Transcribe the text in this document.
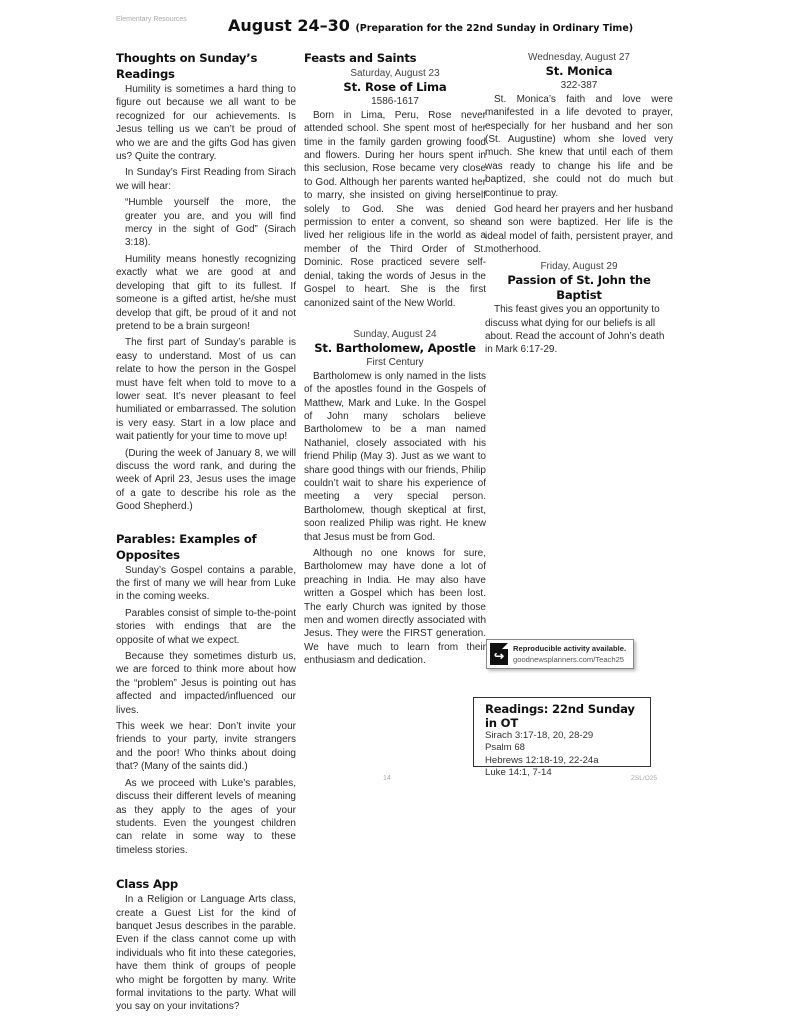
Elementary Resources	August 24–30 (Preparation for the 22nd Sunday in Ordinary Time)
Thoughts on Sunday’s Readings

Humility is sometimes a hard thing to figure out because we all want to be recognized for our achievements. Is Jesus telling us we can’t be proud of who we are and the gifts God has given us? Quite the contrary.

In Sunday’s First Reading from Sirach we will hear:

“Humble yourself the more, the greater you are, and you will find mercy in the sight of God” (Sirach 3:18).

Humility means honestly recognizing exactly what we are good at and developing that gift to its fullest. If someone is a gifted artist, he/she must develop that gift, be proud of it and not pretend to be a brain surgeon!

The first part of Sunday’s parable is easy to understand. Most of us can relate to how the person in the Gospel must have felt when told to move to a lower seat. It’s never pleasant to feel humiliated or embarrassed. The solution is very easy. Start in a low place and wait patiently for your time to move up!

(During the week of January 8, we will discuss the word rank, and during the week of April 23, Jesus uses the image of a gate to describe his role as the Good Shepherd.)

Parables: Examples of Opposites

Sunday’s Gospel contains a parable, the first of many we will hear from Luke in the coming weeks.

Parables consist of simple to-the-point stories with endings that are the opposite of what we expect.

Because they sometimes disturb us, we are forced to think more about how the “problem” Jesus is pointing out has affected and impacted/influenced our lives.

This week we hear: Don’t invite your friends to your party, invite strangers and the poor! Who thinks about doing that? (Many of the saints did.)

As we proceed with Luke’s parables, discuss their different levels of meaning as they apply to the ages of your students. Even the youngest children can relate in some way to these timeless stories.

Class App

In a Religion or Language Arts class, create a Guest List for the kind of banquet Jesus describes in the parable. Even if the class cannot come up with individuals who fit into these categories, have them think of groups of people who might be forgotten by many. Write formal invitations to the party. What will you say on your invitations?

Feasts and Saints
Saturday, August 23
St. Rose of Lima
1586-1617

Born in Lima, Peru, Rose never attended school. She spent most of her time in the family garden growing food and flowers. During her hours spent in this seclusion, Rose became very close to God. Although her parents wanted her to marry, she insisted on giving herself solely to God. She was denied permission to enter a convent, so she lived her religious life in the world as a member of the Third Order of St. Dominic. Rose practiced severe self-denial, taking the words of Jesus in the Gospel to heart. She is the first canonized saint of the New World.

Sunday, August 24
St. Bartholomew, Apostle
First Century

Bartholomew is only named in the lists of the apostles found in the Gospels of Matthew, Mark and Luke. In the Gospel of John many scholars believe Bartholomew to be a man named Nathaniel, closely associated with his friend Philip (May 3). Just as we want to share good things with our friends, Philip couldn’t wait to share his experience of meeting a very special person. Bartholomew, though skeptical at first, soon realized Philip was right. He knew that Jesus must be from God.

Although no one knows for sure, Bartholomew may have done a lot of preaching in India. He may also have written a Gospel which has been lost. The early Church was ignited by those men and women directly associated with Jesus. They were the FIRST generation. We have much to learn from their enthusiasm and dedication.

Wednesday, August 27
St. Monica
322-387

St. Monica’s faith and love were manifested in a life devoted to prayer, especially for her husband and her son (St. Augustine) whom she loved very much. She knew that until each of them was ready to change his life and be baptized, she could not do much but continue to pray.

God heard her prayers and her husband and son were baptized. Her life is the ideal model of faith, persistent prayer, and motherhood.

Friday, August 29
Passion of St. John the Baptist

This feast gives you an opportunity to discuss what dying for our beliefs is all about. Read the account of John’s death in Mark 6:17-29.

↪
Reproducible activity available.
goodnewsplanners.com/Teach25
Readings: 22nd Sunday in OT
Sirach 3:17-18, 20, 28-29
Psalm 68
Hebrews 12:18-19, 22-24a
Luke 14:1, 7-14
14	ZSL/O25
